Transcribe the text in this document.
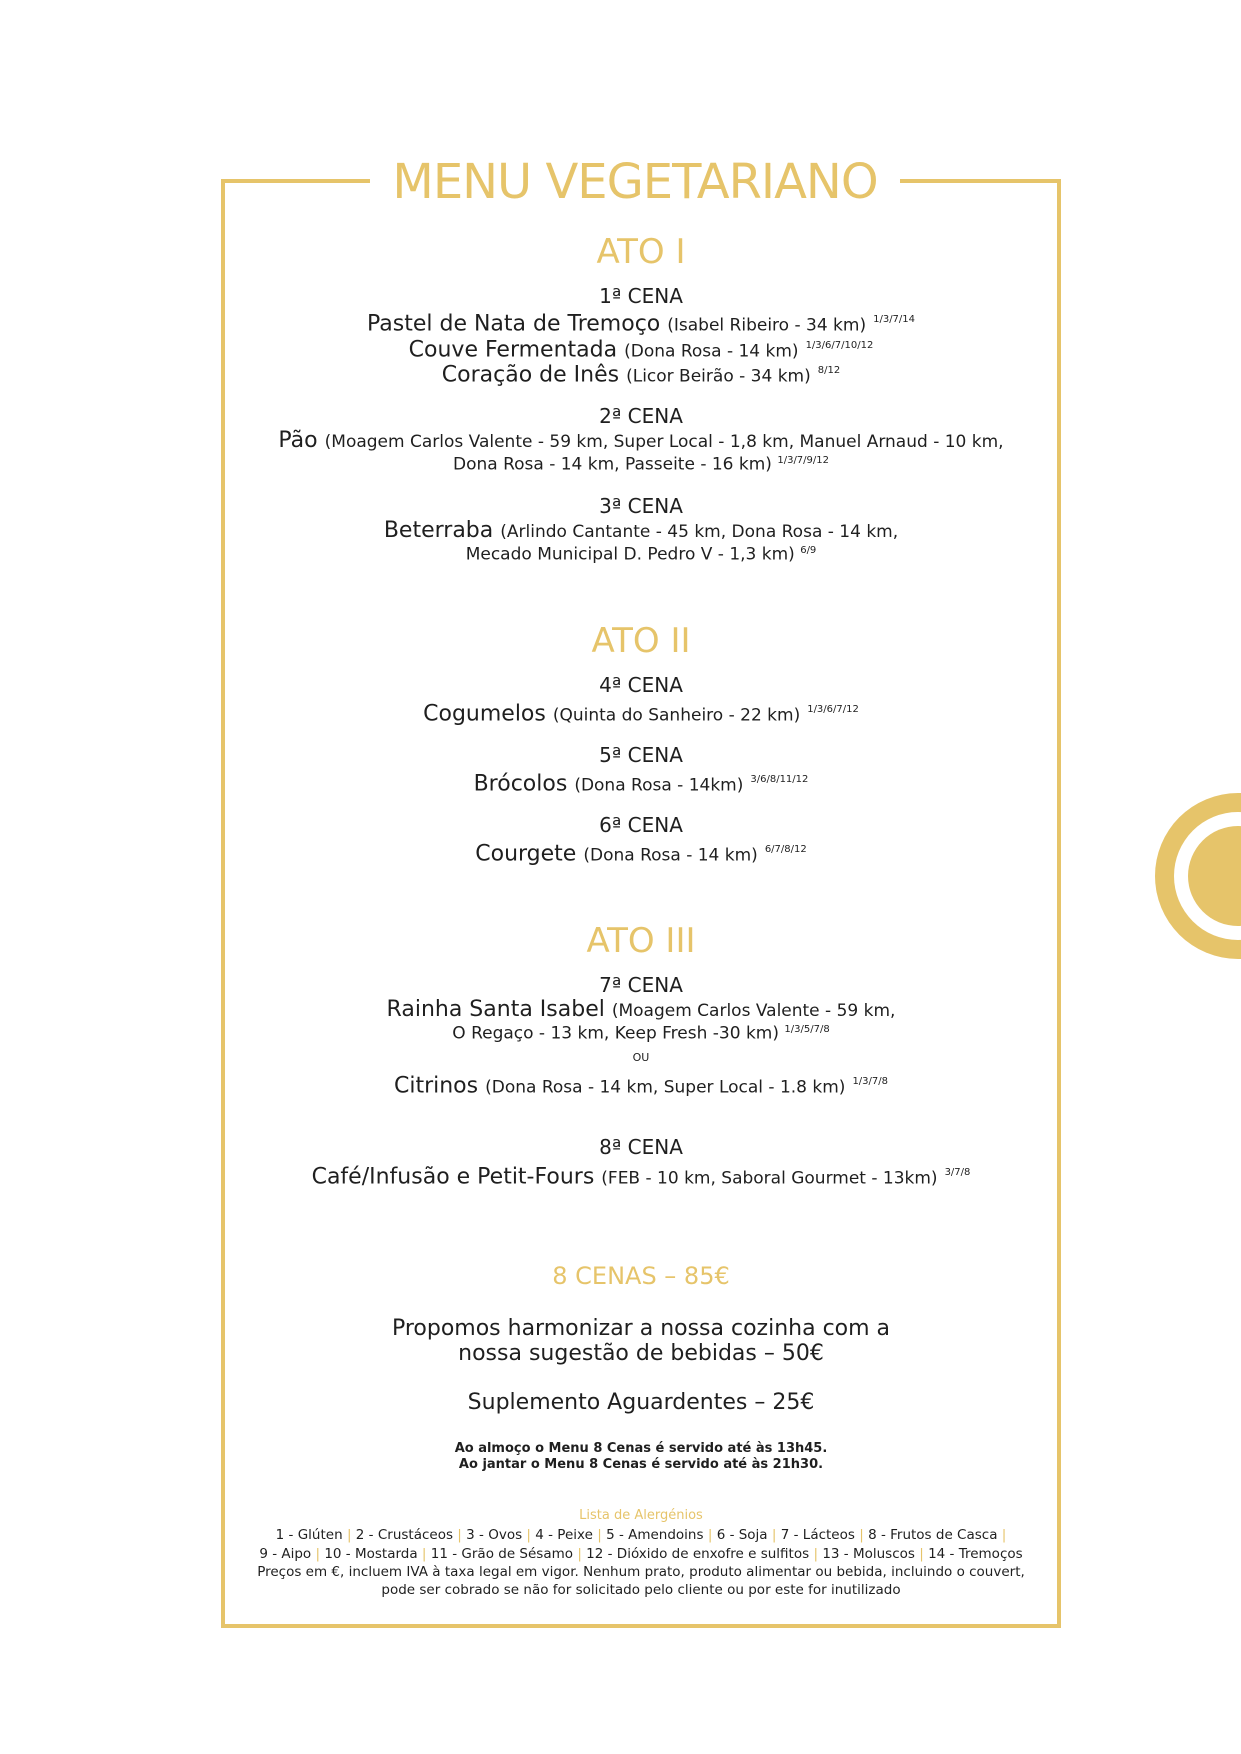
MENU VEGETARIANO
ATO I
1ª CENA
Pastel de Nata de Tremoço (Isabel Ribeiro - 34 km) $^{1/3/7/14}$
Couve Fermentada (Dona Rosa - 14 km) $^{1/3/6/7/10/12}$
Coração de Inês (Licor Beirão - 34 km) $^{8/12}$
2ª CENA
Pão (Moagem Carlos Valente - 59 km, Super Local - 1,8 km, Manuel Arnaud - 10 km,
Dona Rosa - 14 km, Passeite - 16 km) $^{1/3/7/9/12}$
3ª CENA
Beterraba (Arlindo Cantante - 45 km, Dona Rosa - 14 km,
Mecado Municipal D. Pedro V - 1,3 km) $^{6/9}$
ATO II
4ª CENA
Cogumelos (Quinta do Sanheiro - 22 km) $^{1/3/6/7/12}$
5ª CENA
Brócolos (Dona Rosa - 14km) $^{3/6/8/11/12}$
6ª CENA
Courgete (Dona Rosa - 14 km) $^{6/7/8/12}$
ATO III
7ª CENA
Rainha Santa Isabel (Moagem Carlos Valente - 59 km,
O Regaço - 13 km, Keep Fresh -30 km) $^{1/3/5/7/8}$
OU
Citrinos (Dona Rosa - 14 km, Super Local - 1.8 km) $^{1/3/7/8}$
8ª CENA
Café/Infusão e Petit-Fours (FEB - 10 km, Saboral Gourmet - 13km) $^{3/7/8}$
8 CENAS – 85€
Propomos harmonizar a nossa cozinha com a
nossa sugestão de bebidas – 50€
Suplemento Aguardentes – 25€
Ao almoço o Menu 8 Cenas é servido até às 13h45.
Ao jantar o Menu 8 Cenas é servido até às 21h30.
Lista de Alergénios
1 - Glúten | 2 - Crustáceos | 3 - Ovos | 4 - Peixe | 5 - Amendoins | 6 - Soja | 7 - Lácteos | 8 - Frutos de Casca |
9 - Aipo | 10 - Mostarda | 11 - Grão de Sésamo | 12 - Dióxido de enxofre e sulfitos | 13 - Moluscos | 14 - Tremoços
Preços em €, incluem IVA à taxa legal em vigor. Nenhum prato, produto alimentar ou bebida, incluindo o couvert,
pode ser cobrado se não for solicitado pelo cliente ou por este for inutilizado
